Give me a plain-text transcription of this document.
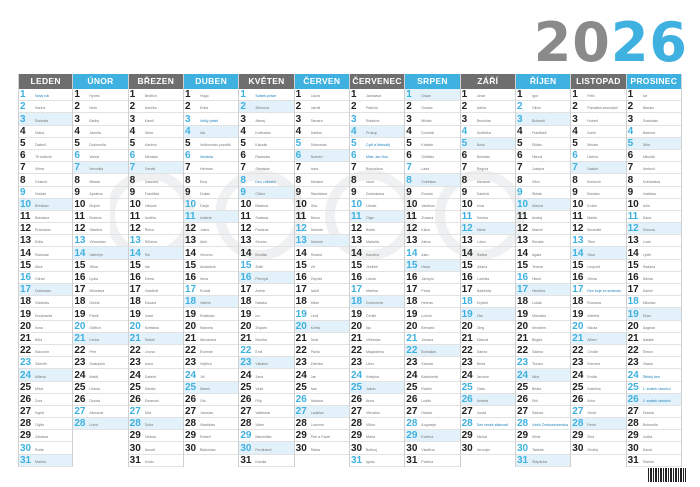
2026
LEDEN
1	Nový rok
2	Karina
3	Radmila
4	Diana
5	Dalimil
6	Tři králové
7	Vilma
8	Čestmír
9	Vladan
10	Břetislav
11	Bohdana
12	Pravoslav
13	Edita
14	Radovan
15	Alice
16	Ctirad
17	Drahoslav
18	Vladislav
19	Doubravka
20	Ilona
21	Běla
22	Slavomír
23	Zdeněk
24	Milena
25	Miloš
26	Zora
27	Ingrid
28	Otýlie
29	Zdislava
30	Robin
31	Marika
ÚNOR
1	Hynek
2	Nela
3	Blažej
4	Jarmila
5	Dobromila
6	Vanda
7	Veronika
8	Milada
9	Apolena
10	Mojmír
11	Božena
12	Slavěna
13	Věnceslav
14	Valentýn
15	Jiřina
16	Ljuba
17	Miloslava
18	Gizela
19	Patrik
20	Oldřich
21	Lenka
22	Petr
23	Svatopluk
24	Matěj
25	Liliana
26	Dorota
27	Alexandr
28	Lumír
BŘEZEN
1	Bedřich
2	Anežka
3	Kamil
4	Stela
5	Kazimír
6	Miroslav
7	Tomáš
8	Gabriela
9	Františka
10	Viktorie
11	Anděla
12	Řehoř
13	Růžena
14	Rút
15	Ida
16	Elena
17	Vlastimil
18	Eduard
19	Josef
20	Světlana
21	Radek
22	Leona
23	Ivona
24	Gabriel
25	Marián
26	Emanuel
27	Dita
28	Soňa
29	Taťána
30	Arnošt
31	Kvido
DUBEN
1	Hugo
2	Erika
3	Velký pátek
4	Ida
5	Velikonoční pondělí
6	Vendula
7	Heřman
8	Ema
9	Dušan
10	Darja
11	Izabela
12	Julius
13	Aleš
14	Vincenc
15	Anastázie
16	Irena
17	Rudolf
18	Valérie
19	Rostislav
20	Marcela
21	Alexandra
22	Evženie
23	Vojtěch
24	Jiří
25	Marek
26	Oto
27	Jaroslav
28	Vlastislav
29	Robert
30	Blahoslav
KVĚTEN
1	Svátek práce
2	Zikmund
3	Alexej
4	Květoslav
5	Klaudie
6	Radoslav
7	Stanislav
8	Den vítězství
9	Ctibor
10	Blažena
11	Svatava
12	Pankrác
13	Servác
14	Bonifác
15	Žofie
16	Přemysl
17	Aneta
18	Nataša
19	Ivo
20	Zbyšek
21	Monika
22	Emil
23	Vladimír
24	Jana
25	Viola
26	Filip
27	Valdemar
28	Vilém
29	Maxmilián
30	Ferdinand
31	Kamila
ČERVEN
1	Laura
2	Jarmil
3	Tamara
4	Dalibor
5	Dobroslav
6	Norbert
7	Iveta
8	Medard
9	Stanislava
10	Gita
11	Bruno
12	Antonie
13	Antonín
14	Roland
15	Vít
16	Zbyněk
17	Adolf
18	Milan
19	Leoš
20	Květa
21	Alois
22	Pavla
23	Zdeňka
24	Jan
25	Ivan
26	Adriana
27	Ladislav
28	Lubomír
29	Petr a Pavel
30	Šárka
ČERVENEC
1	Jaroslava
2	Patricie
3	Radomír
4	Prokop
5	Cyril a Metoděj
6	Mistr Jan Hus
7	Bohuslava
8	Nora
9	Drahoslava
10	Libuše
11	Olga
12	Bořek
13	Markéta
14	Karolína
15	Jindřich
16	Luboš
17	Martina
18	Drahomíra
19	Čeněk
20	Ilja
21	Vítězslav
22	Magdaléna
23	Libor
24	Kristýna
25	Jakub
26	Anna
27	Věroslav
28	Viktor
29	Marta
30	Bořivoj
31	Ignác
SRPEN
1	Oskar
2	Gustav
3	Miluše
4	Dominik
5	Kristián
6	Oldřiška
7	Lada
8	Soběslav
9	Roman
10	Vavřinec
11	Zuzana
12	Klára
13	Alena
14	Alan
15	Hana
16	Jáchym
17	Petra
18	Helena
19	Ludvík
20	Bernard
21	Johana
22	Bohuslav
23	Sandra
24	Bartoloměj
25	Radim
26	Luděk
27	Otakar
28	Augustýn
29	Evelína
30	Vladěna
31	Pavlína
ZÁŘÍ
1	Linda
2	Adéla
3	Bronislav
4	Jindřiška
5	Boris
6	Boleslav
7	Regína
8	Mariana
9	Daniela
10	Irma
11	Denisa
12	Marie
13	Lubor
14	Radka
15	Jolana
16	Ludmila
17	Naděžda
18	Kryštof
19	Zita
20	Oleg
21	Matouš
22	Darina
23	Berta
24	Jaromír
25	Zlata
26	Andrea
27	Jonáš
28	Den české státnosti
29	Michal
30	Jeroným
ŘÍJEN
1	Igor
2	Olivie
3	Bohumil
4	František
5	Eliška
6	Hanuš
7	Justýna
8	Věra
9	Štefan
10	Marina
11	Andrej
12	Marcel
13	Renáta
14	Agáta
15	Tereza
16	Havel
17	Hedvika
18	Lukáš
19	Michaela
20	Vendelín
21	Brigita
22	Sabina
23	Teodor
24	Nina
25	Beáta
26	Erik
27	Šarlota
28	Vznik Československa
29	Silvie
30	Tadeáš
31	Štěpánka
LISTOPAD
1	Felix
2	Památka zesnulých
3	Hubert
4	Karel
5	Miriam
6	Liběna
7	Saskie
8	Bohumír
9	Bohdan
10	Evžen
11	Martin
12	Benedikt
13	Tibor
14	Sáva
15	Leopold
16	Otmar
17	Den boje za svobodu
18	Romana
19	Alžběta
20	Nikola
21	Albert
22	Cecílie
23	Klement
24	Emílie
25	Kateřina
26	Artur
27	Xenie
28	René
29	Zina
30	Ondřej
PROSINEC
1	Iva
2	Blanka
3	Svatoslav
4	Barbora
5	Jitka
6	Mikuláš
7	Ambrož
8	Květoslava
9	Vratislav
10	Julie
11	Dana
12	Simona
13	Lucie
14	Lýdie
15	Radana
16	Albína
17	Daniel
18	Miloslav
19	Ester
20	Dagmar
21	Natálie
22	Šimon
23	Vlasta
24	Štědrý den
25	1. svátek vánoční
26	2. svátek vánoční
27	Žaneta
28	Bohumila
29	Judita
30	David
31	Silvestr
